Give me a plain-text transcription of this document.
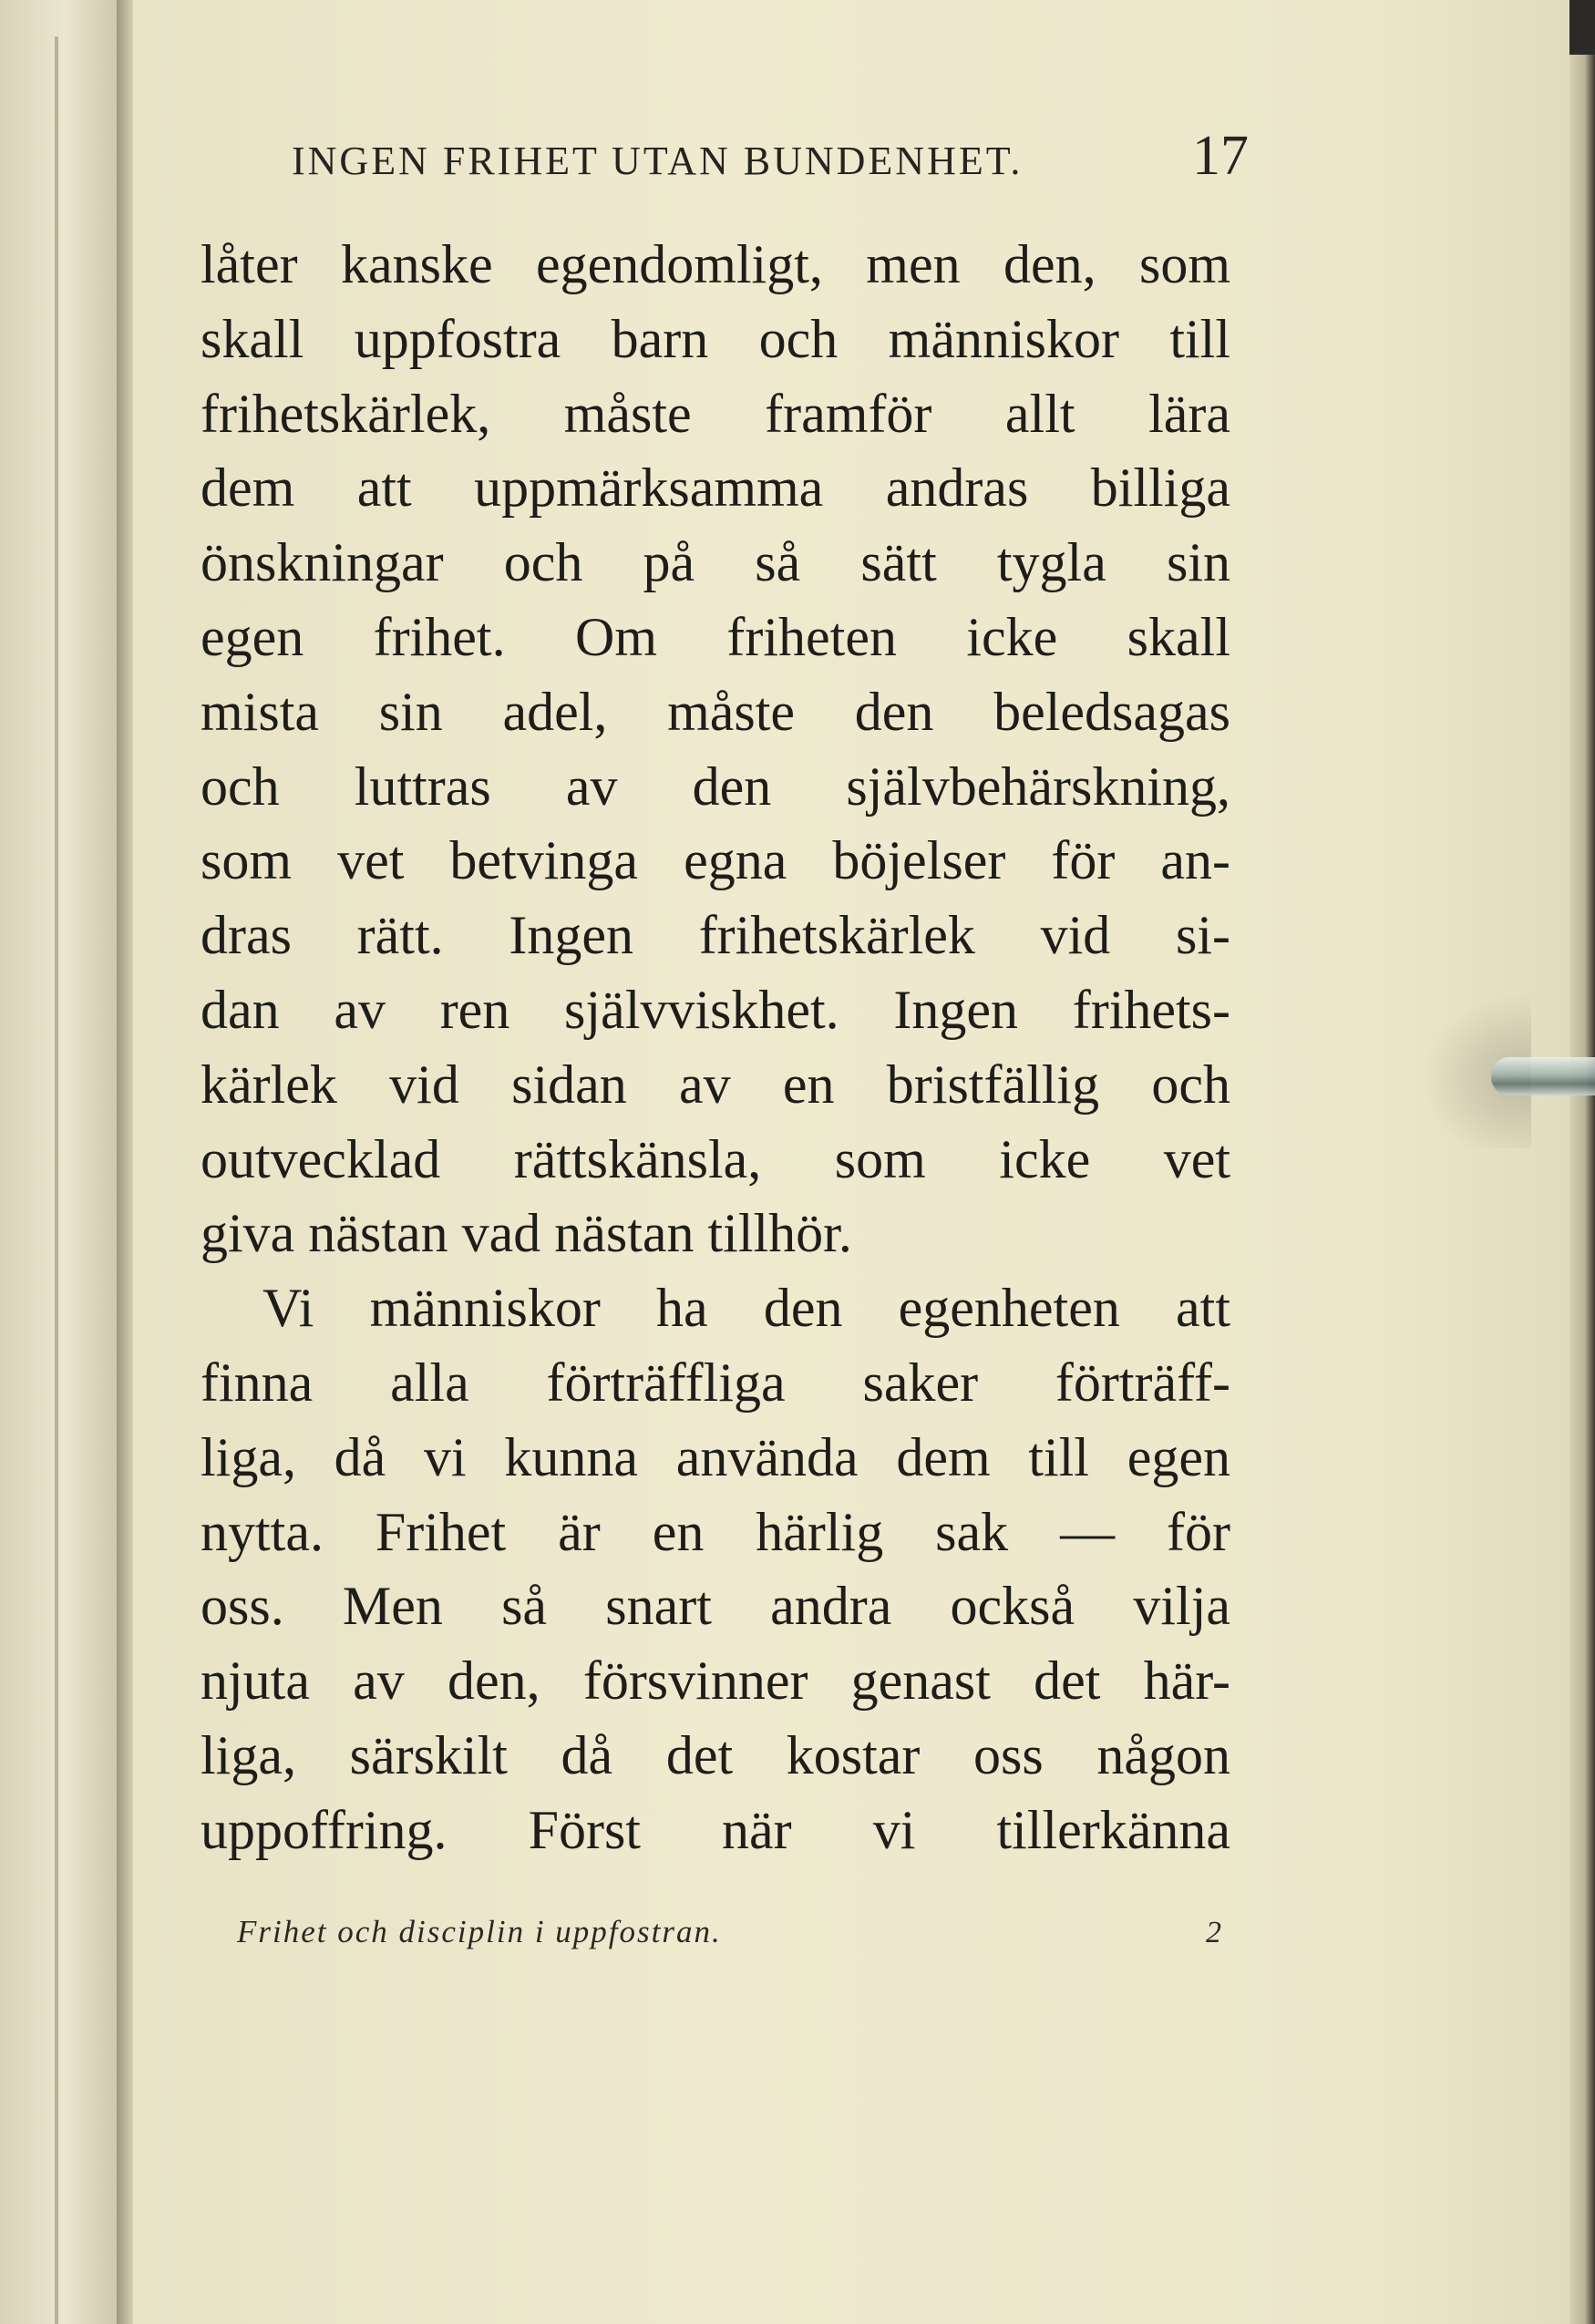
INGEN FRIHET UTAN BUNDENHET.	17
låter kanske egendomligt, men den, som
skall uppfostra barn och människor till
frihetskärlek, måste framför allt lära
dem att uppmärksamma andras billiga
önskningar och på så sätt tygla sin
egen frihet. Om friheten icke skall
mista sin adel, måste den beledsagas
och luttras av den självbehärskning,
som vet betvinga egna böjelser för an-
dras rätt. Ingen frihetskärlek vid si-
dan av ren självviskhet. Ingen frihets-
kärlek vid sidan av en bristfällig och
outvecklad rättskänsla, som icke vet
giva nästan vad nästan tillhör.
Vi människor ha den egenheten att
finna alla förträffliga saker förträff-
liga, då vi kunna använda dem till egen
nytta. Frihet är en härlig sak — för
oss. Men så snart andra också vilja
njuta av den, försvinner genast det här-
liga, särskilt då det kostar oss någon
uppoffring. Först när vi tillerkänna
Frihet och disciplin i uppfostran.	2
